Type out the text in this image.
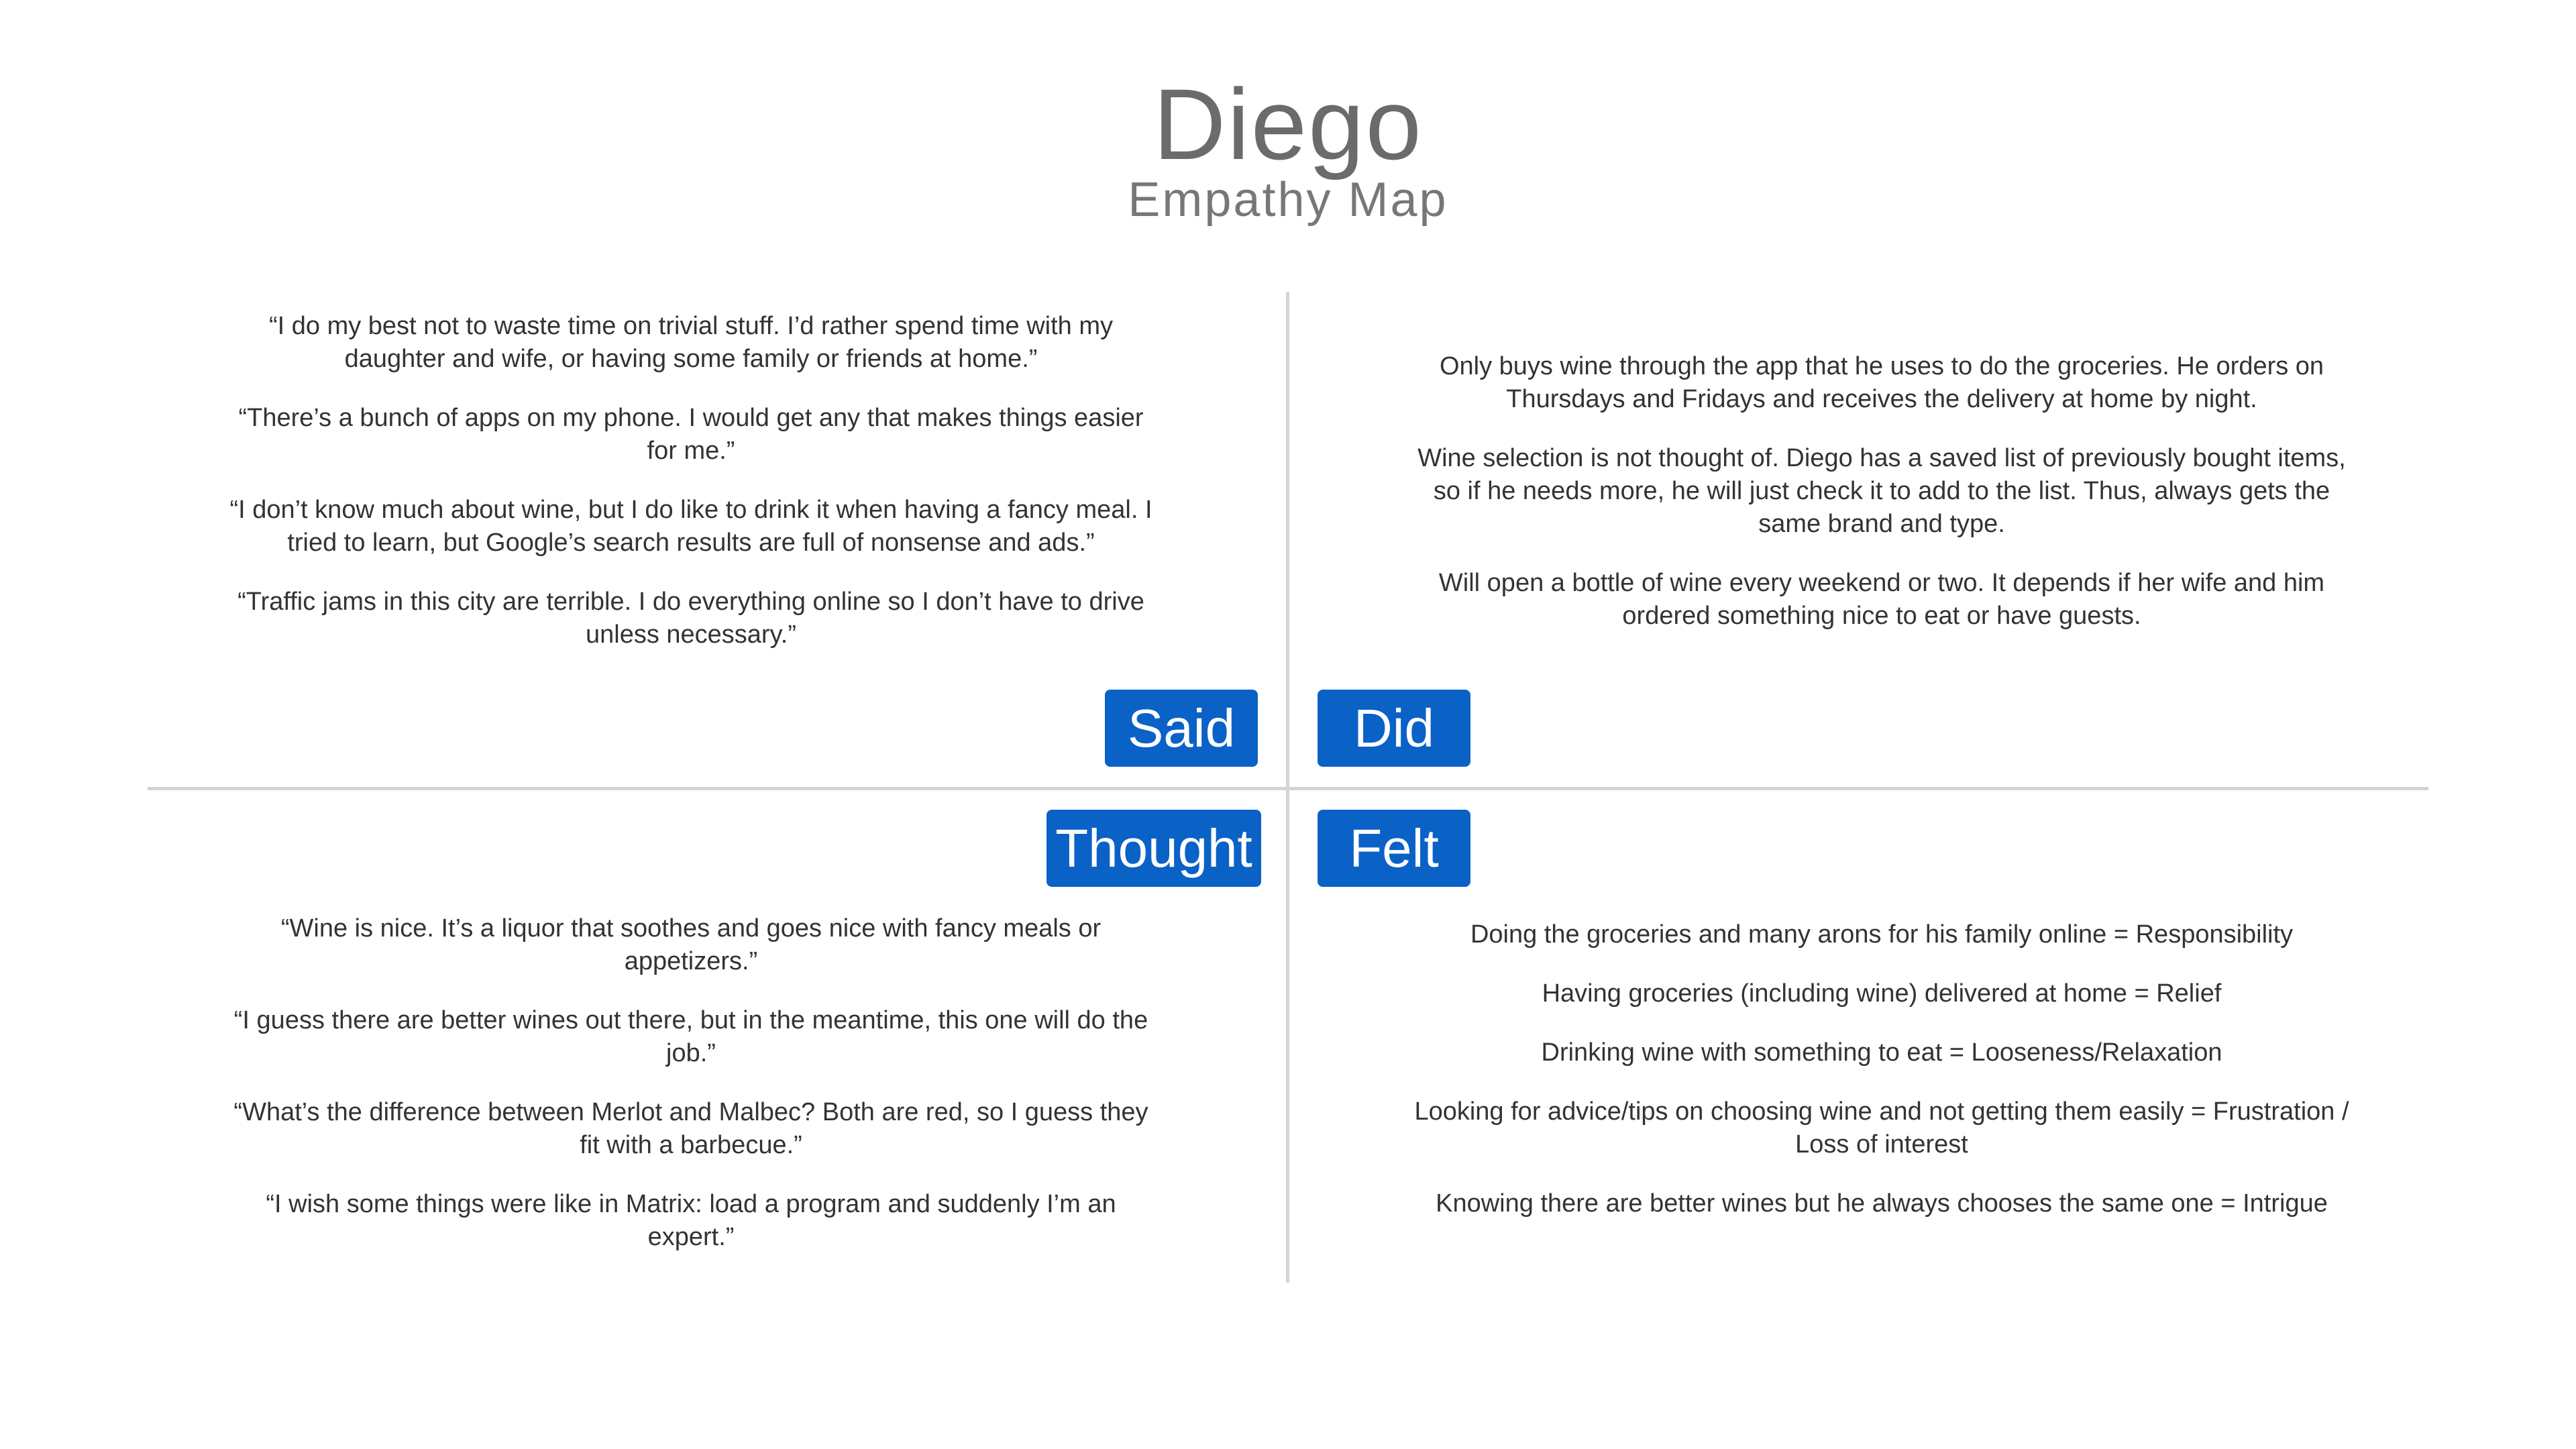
Diego
Empathy Map

“I do my best not to waste time on trivial stuff. I’d rather spend time with my daughter and wife, or having some family or friends at home.”

“There’s a bunch of apps on my phone. I would get any that makes things easier for me.”

“I don’t know much about wine, but I do like to drink it when having a fancy meal. I tried to learn, but Google’s search results are full of nonsense and ads.”

“Traffic jams in this city are terrible. I do everything online so I don’t have to drive unless necessary.”

Said

Only buys wine through the app that he uses to do the groceries. He orders on Thursdays and Fridays and receives the delivery at home by night.

Wine selection is not thought of. Diego has a saved list of previously bought items, so if he needs more, he will just check it to add to the list. Thus, always gets the same brand and type.

Will open a bottle of wine every weekend or two. It depends if her wife and him ordered something nice to eat or have guests.

Did
Thought

“Wine is nice. It’s a liquor that soothes and goes nice with fancy meals or appetizers.”

“I guess there are better wines out there, but in the meantime, this one will do the job.”

“What’s the difference between Merlot and Malbec? Both are red, so I guess they fit with a barbecue.”

“I wish some things were like in Matrix: load a program and suddenly I’m an expert.”

Felt

Doing the groceries and many arons for his family online = Responsibility

Having groceries (including wine) delivered at home = Relief

Drinking wine with something to eat = Looseness/Relaxation

Looking for advice/tips on choosing wine and not getting them easily = Frustration / Loss of interest

Knowing there are better wines but he always chooses the same one = Intrigue
